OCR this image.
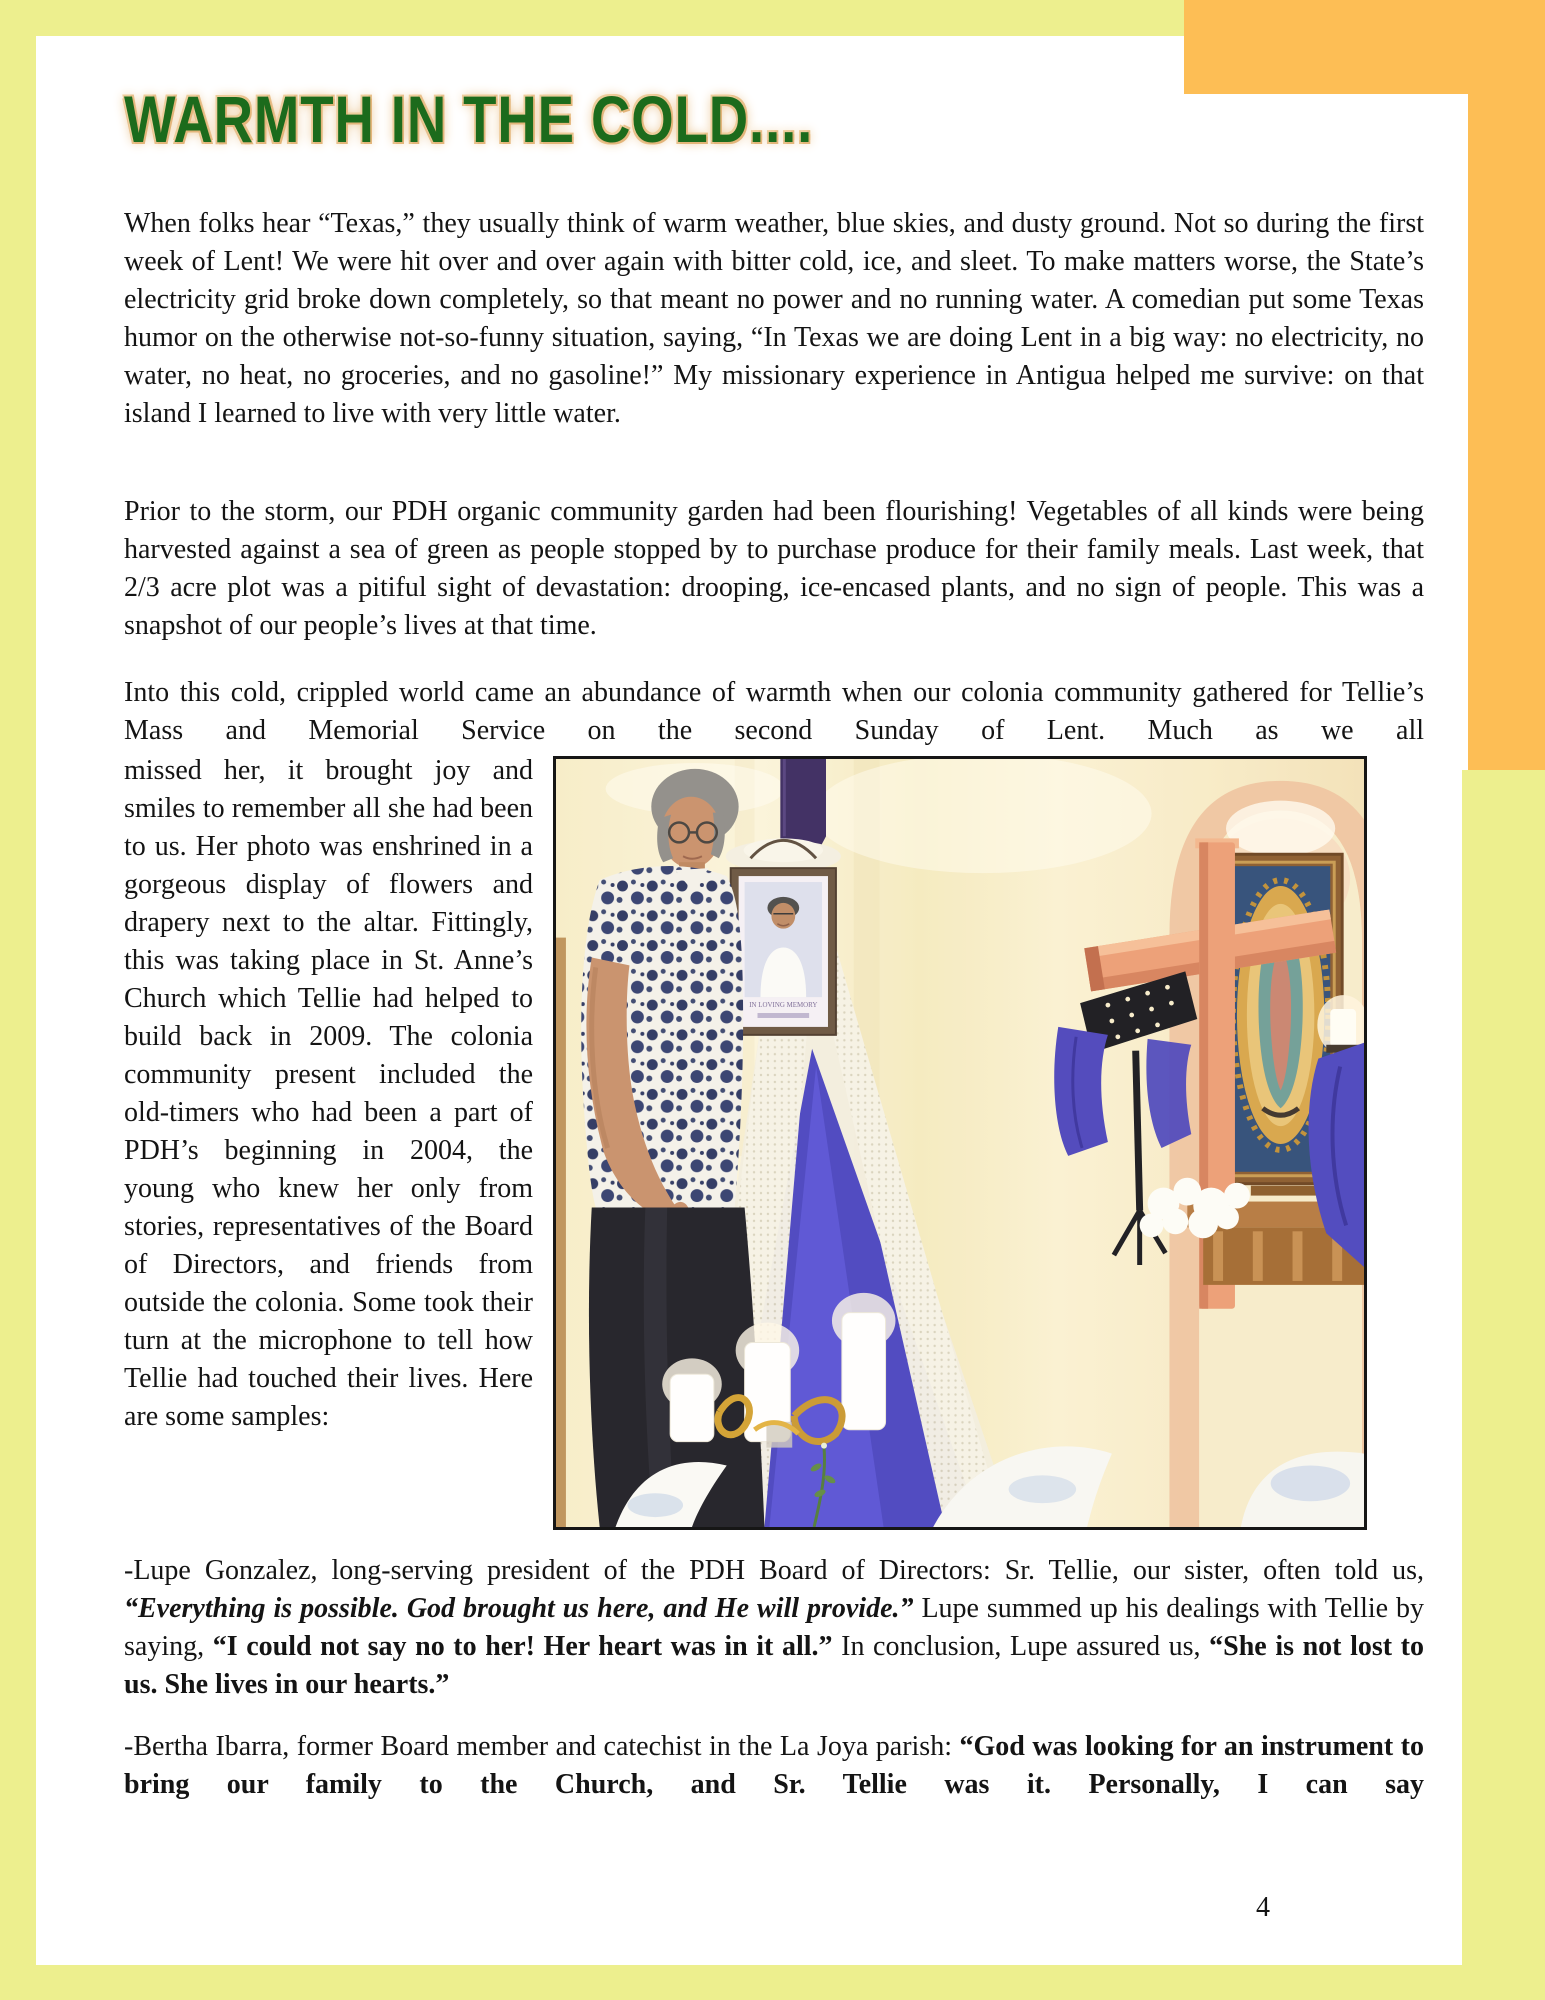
WARMTH IN THE COLD....

When folks hear “Texas,” they usually think of warm weather, blue skies, and dusty ground. Not so during the first week of Lent! We were hit over and over again with bitter cold, ice, and sleet. To make matters worse, the State’s electricity grid broke down completely, so that meant no power and no running water. A comedian put some Texas humor on the otherwise not-so-funny situation, saying, “In Texas we are doing Lent in a big way: no electricity, no water, no heat, no groceries, and no gasoline!” My missionary experience in Antigua helped me survive: on that island I learned to live with very little water.

Prior to the storm, our PDH organic community garden had been flourishing! Vegetables of all kinds were being harvested against a sea of green as people stopped by to purchase produce for their family meals. Last week, that 2/3 acre plot was a pitiful sight of devastation: drooping, ice-encased plants, and no sign of people. This was a snapshot of our people’s lives at that time.

Into this cold, crippled world came an abundance of warmth when our colonia community gathered for Tellie’s Mass and Memorial Service on the second Sunday of Lent. Much as we all

IN LOVING MEMORY

missed her, it brought joy and smiles to remember all she had been to us. Her photo was enshrined in a gorgeous display of flowers and drapery next to the altar. Fittingly, this was taking place in St. Anne’s Church which Tellie had helped to build back in 2009. The colonia community present included the old-timers who had been a part of PDH’s beginning in 2004, the young who knew her only from stories, representatives of the Board of Directors, and friends from outside the colonia. Some took their turn at the microphone to tell how Tellie had touched their lives. Here are some samples:

-Lupe Gonzalez, long-serving president of the PDH Board of Directors: Sr. Tellie, our sister, often told us, “Everything is possible. God brought us here, and He will provide.” Lupe summed up his dealings with Tellie by saying, “I could not say no to her! Her heart was in it all.” In conclusion, Lupe assured us, “She is not lost to us. She lives in our hearts.”

-Bertha Ibarra, former Board member and catechist in the La Joya parish: “God was looking for an instrument to bring our family to the Church, and Sr. Tellie was it. Personally, I can say

4
